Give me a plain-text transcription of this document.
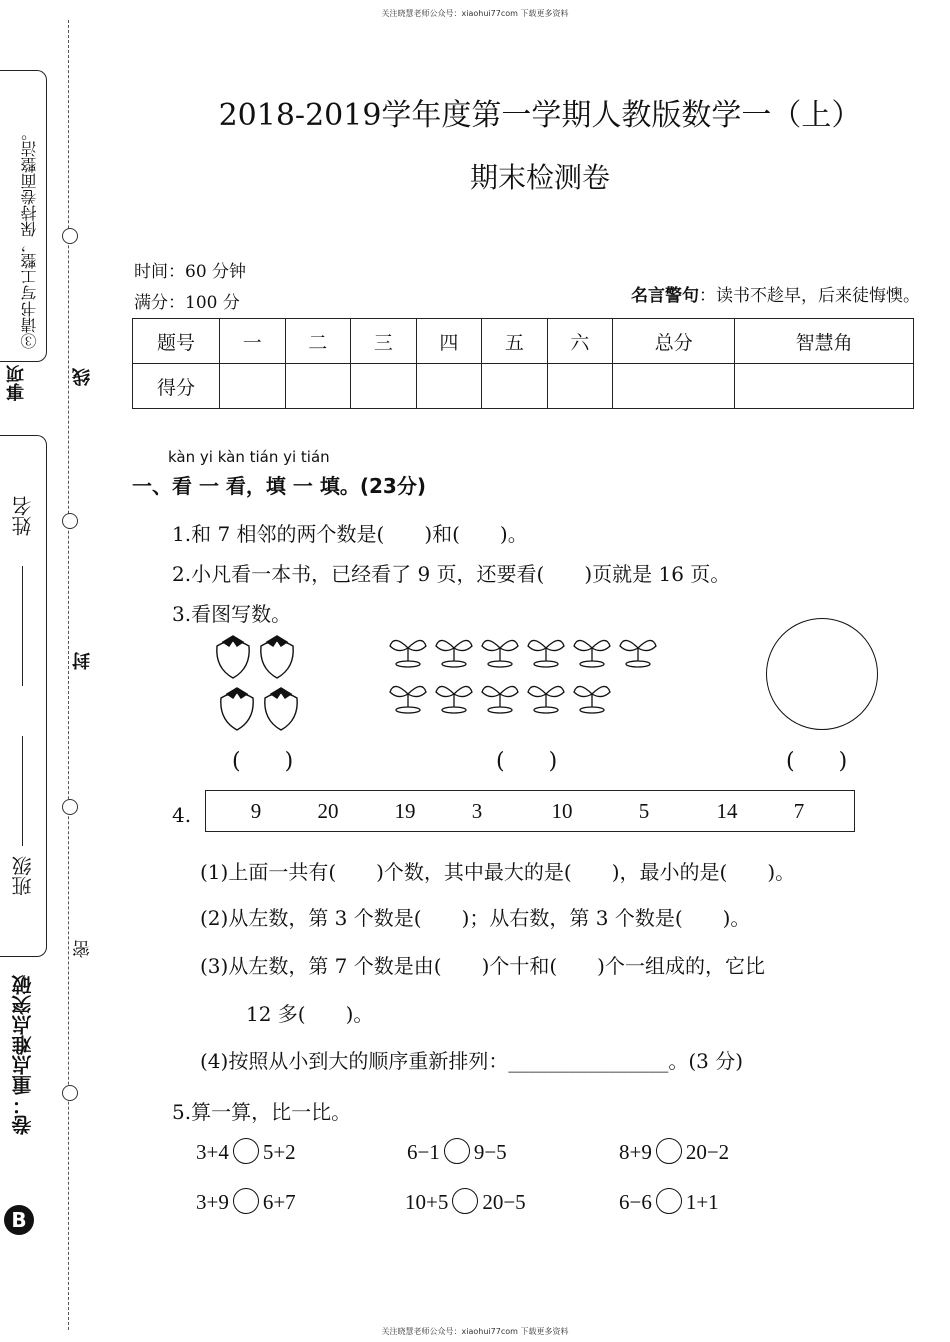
关注晓慧老师公众号：xiaohui77com 下载更多资料
关注晓慧老师公众号：xiaohui77com 下载更多资料
③请书写工整，保持卷面整洁。
事项
姓名
班级
卷：重点难点突破
B
线
封
密
2018-2019学年度第一学期人教版数学一（上）
期末检测卷
时间：60 分钟
满分：100 分	名言警句：读书不趁早，后来徒悔懊。
题号	一	二	三	四	五	六	总分	智慧角
得分								
kàn yi kàn tián yi tián
一、看 一 看，填 一 填。(23分)
1.和 7 相邻的两个数是(　　)和(　　)。
2.小凡看一本书，已经看了 9 页，还要看(　　)页就是 16 页。
3.看图写数。
(　　)	(　　)	(　　)
4.	9	20	19	3	10	5	14	7
(1)上面一共有(　　)个数，其中最大的是(　　)，最小的是(　　)。
(2)从左数，第 3 个数是(　　)；从右数，第 3 个数是(　　)。
(3)从左数，第 7 个数是由(　　)个十和(　　)个一组成的，它比
12 多(　　)。
(4)按照从小到大的顺序重新排列：________________。(3 分)
5.算一算，比一比。
3+4 5+2	6−1 9−5	8+9 20−2
3+9 6+7	10+5 20−5	6−6 1+1
